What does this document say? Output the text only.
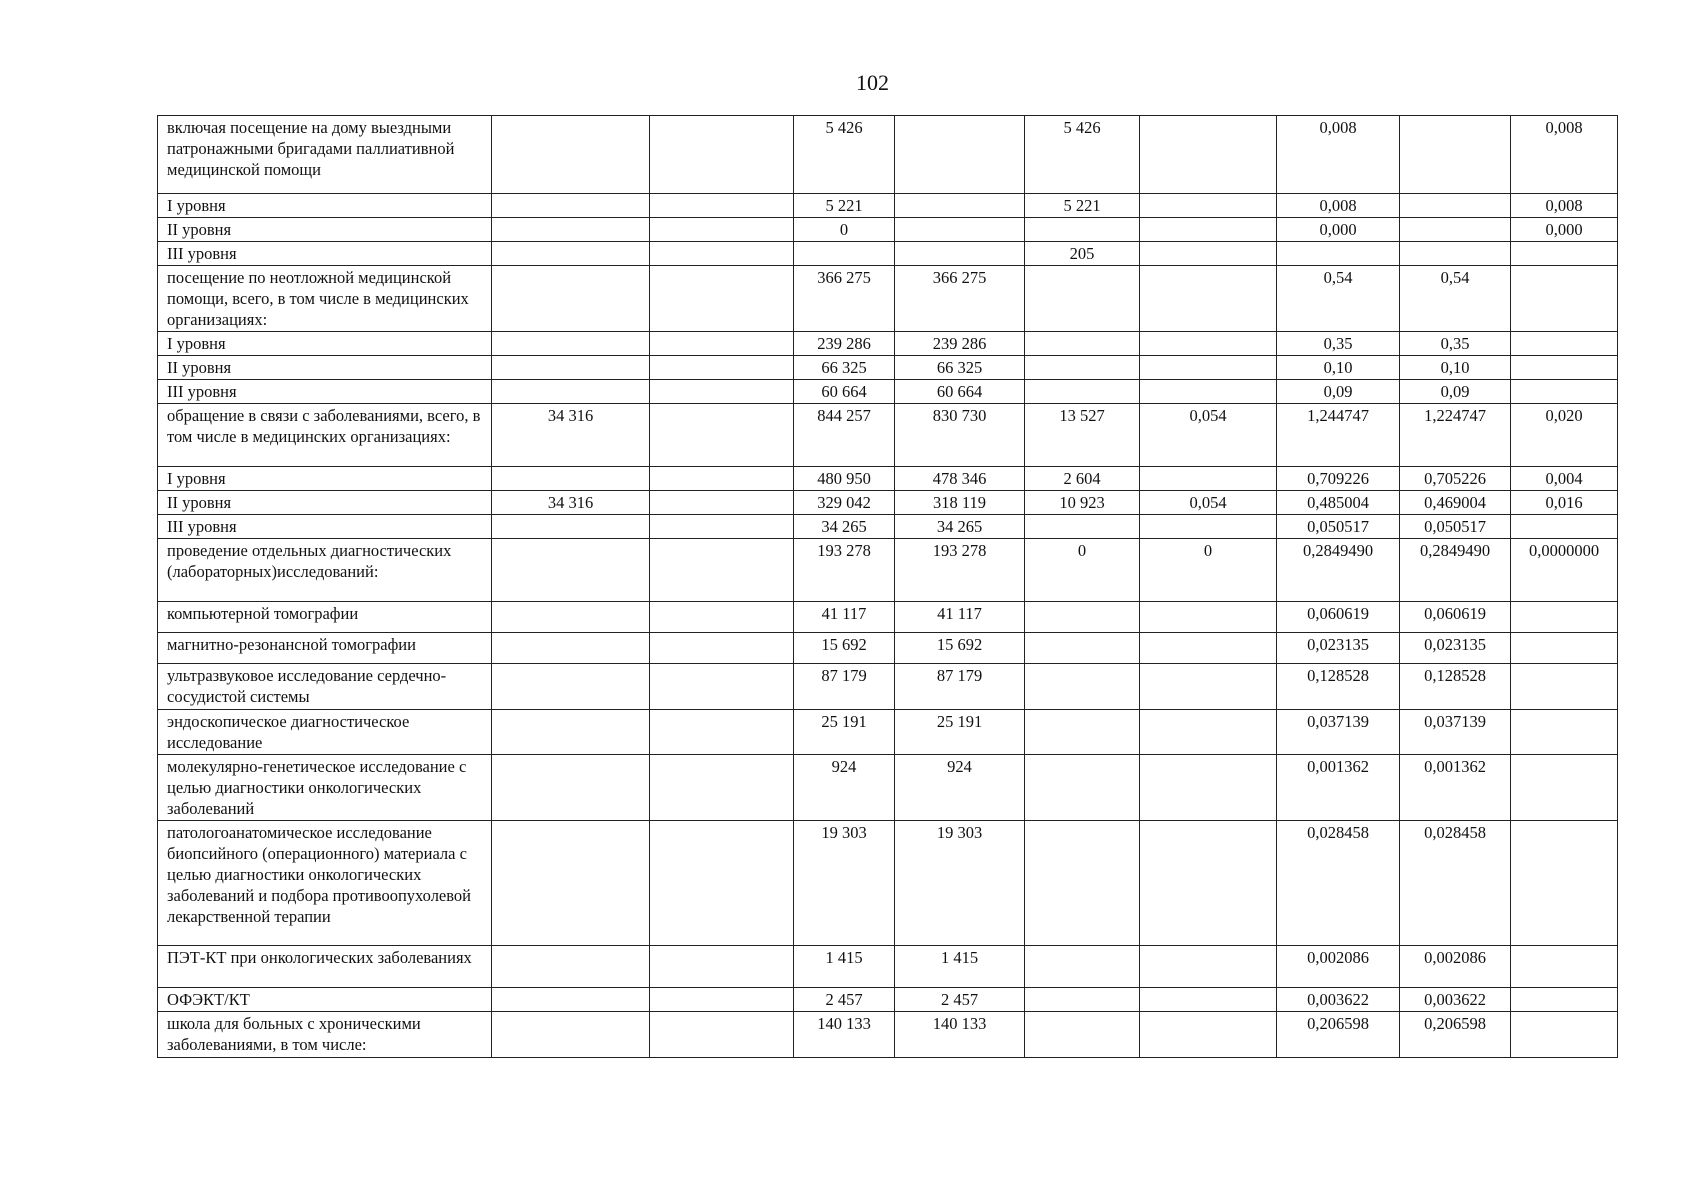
102
включая посещение на дому выездными патронажными бригадами паллиативной медицинской помощи			5 426		5 426		0,008		0,008
I уровня			5 221		5 221		0,008		0,008
II уровня			0				0,000		0,000
III уровня					205				
посещение по неотложной медицинской помощи, всего, в том числе в медицинских организациях:			366 275	366 275			0,54	0,54	
I уровня			239 286	239 286			0,35	0,35	
II уровня			66 325	66 325			0,10	0,10	
III уровня			60 664	60 664			0,09	0,09	
обращение в связи с заболеваниями, всего, в том числе в медицинских организациях:	34 316		844 257	830 730	13 527	0,054	1,244747	1,224747	0,020
I уровня			480 950	478 346	2 604		0,709226	0,705226	0,004
II уровня	34 316		329 042	318 119	10 923	0,054	0,485004	0,469004	0,016
III уровня			34 265	34 265			0,050517	0,050517	
проведение отдельных диагностических (лабораторных)исследований:			193 278	193 278	0	0	0,2849490	0,2849490	0,0000000
компьютерной томографии			41 117	41 117			0,060619	0,060619	
магнитно-резонансной томографии			15 692	15 692			0,023135	0,023135	
ультразвуковое исследование сердечно-сосудистой системы			87 179	87 179			0,128528	0,128528	
эндоскопическое диагностическое исследование			25 191	25 191			0,037139	0,037139	
молекулярно-генетическое исследование с целью диагностики онкологических заболеваний			924	924			0,001362	0,001362	
патологоанатомическое исследование биопсийного (операционного) материала с целью диагностики онкологических заболеваний и подбора противоопухолевой лекарственной терапии			19 303	19 303			0,028458	0,028458	
ПЭТ-КТ при онкологических заболеваниях			1 415	1 415			0,002086	0,002086	
ОФЭКТ/КТ			2 457	2 457			0,003622	0,003622	
школа для больных с хроническими заболеваниями, в том числе:			140 133	140 133			0,206598	0,206598	
